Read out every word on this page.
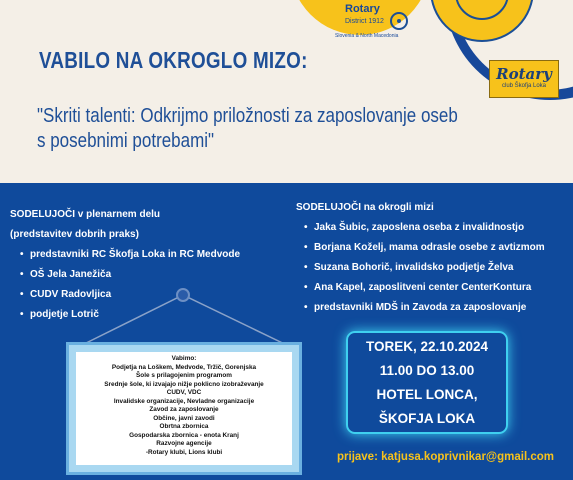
Rotary
District 1912
Slovenia & North Macedonia
Rotary
club Škofja Loka
VABILO NA OKROGLO MIZO:
"Skriti talenti: Odkrijmo priložnosti za zaposlovanje oseb
s posebnimi potrebami"
SODELUJOČI v plenarnem delu
(predstavitev dobrih praks)
• predstavniki RC Škofja Loka in RC Medvode
• OŠ Jela Janežiča
• CUDV Radovljica
• podjetje Lotrič
SODELUJOČI na okrogli mizi
• Jaka Šubic, zaposlena oseba z invalidnostjo
• Borjana Koželj, mama odrasle osebe z avtizmom
• Suzana Bohorič, invalidsko podjetje Želva
• Ana Kapel, zaposlitveni center CenterKontura
• predstavniki MDŠ in Zavoda za zaposlovanje
Vabimo:
Podjetja na Loškem, Medvode, Tržič, Gorenjska
Šole s prilagojenim programom
Srednje šole, ki izvajajo nižje poklicno izobraževanje
CUDV, VDC
Invalidske organizacije, Nevladne organizacije
Zavod za zaposlovanje
Občine, javni zavodi
Obrtna zbornica
Gospodarska zbornica - enota Kranj
Razvojne agencije
-Rotary klubi, Lions klubi
TOREK, 22.10.2024
11.00 DO 13.00
HOTEL LONCA,
ŠKOFJA LOKA
prijave: katjusa.koprivnikar@gmail.com
